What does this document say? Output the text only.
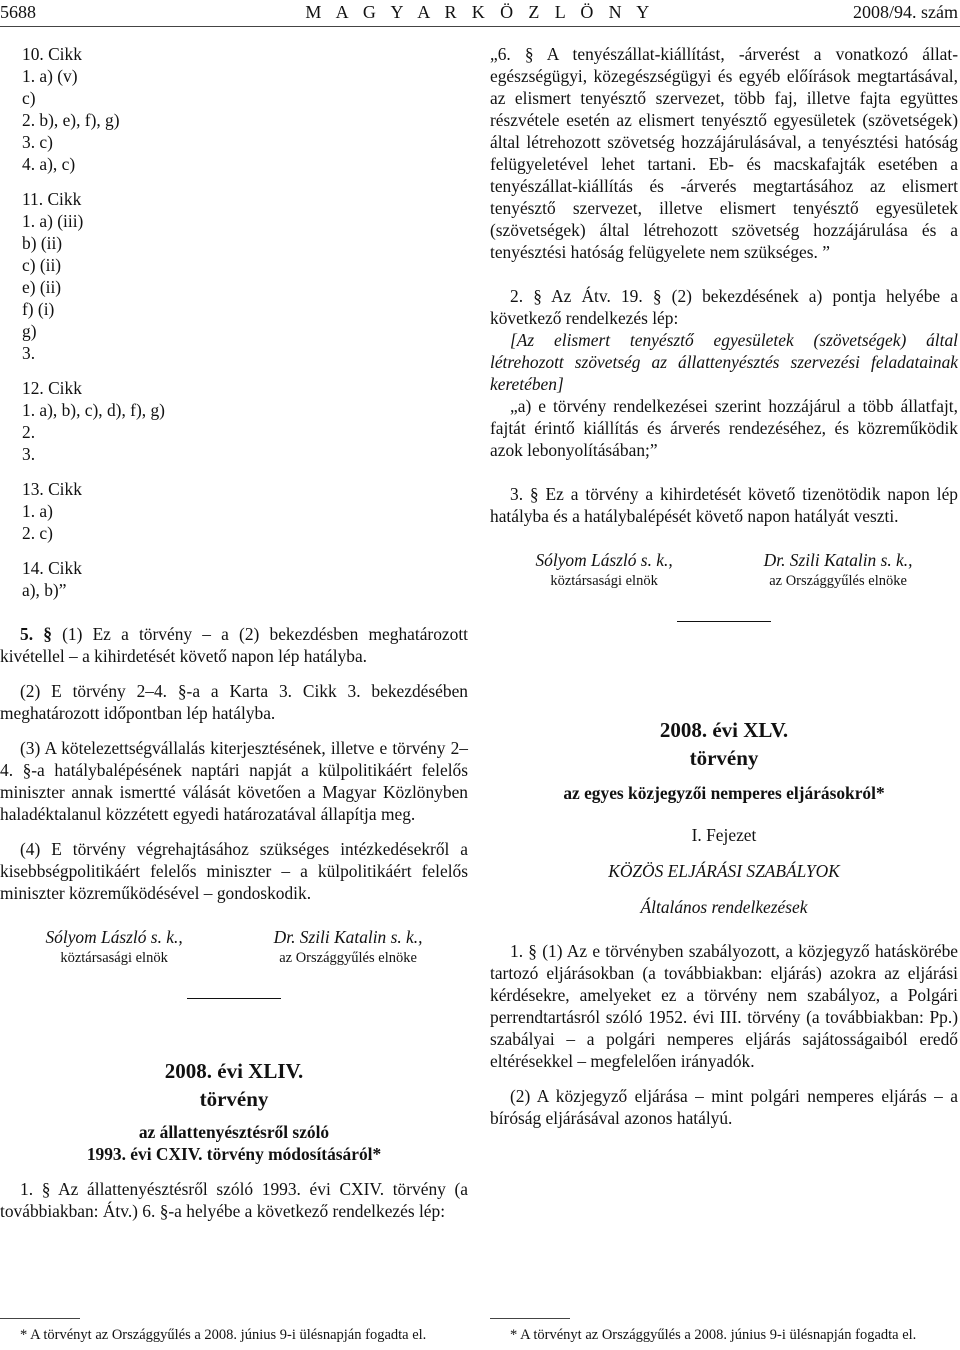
5688	M A G Y A R K Ö Z L Ö N Y	2008/94. szám
10. Cikk
1. a) (v)
c)
2. b), e), f), g)
3. c)
4. a), c)
11. Cikk
1. a) (iii)
b) (ii)
c) (ii)
e) (ii)
f) (i)
g)
3.
12. Cikk
1. a), b), c), d), f), g)
2.
3.
13. Cikk
1. a)
2. c)
14. Cikk
a), b)”

5. § (1) Ez a törvény – a (2) bekezdésben meghatározott kivétellel – a kihirdetését követő napon lép hatályba.

(2) E törvény 2–4. §-a a Karta 3. Cikk 3. bekezdésében meghatározott időpontban lép hatályba.

(3) A kötelezettségvállalás kiterjesztésének, illetve e törvény 2–4. §-a hatálybalépésének naptári napját a külpolitikáért felelős miniszter annak ismertté válását követően a Magyar Közlönyben haladéktalanul közzétett egyedi határozatával állapítja meg.

(4) E törvény végrehajtásához szükséges intézkedésekről a kisebbségpolitikáért felelős miniszter – a külpolitikáért felelős miniszter közreműködésével – gondoskodik.

Sólyom László s. k.,
köztársasági elnök
Dr. Szili Katalin s. k.,
az Országgyűlés elnöke
2008. évi XLIV.
törvény
az állattenyésztésről szóló
1993. évi CXIV. törvény módosításáról*

1. § Az állattenyésztésről szóló 1993. évi CXIV. törvény (a továbbiakban: Átv.) 6. §-a helyébe a következő rendelkezés lép:

* A törvényt az Országgyűlés a 2008. június 9-i ülésnapján fogadta el.

„6. § A tenyészállat-kiállítást, -árverést a vonatkozó állat-egészségügyi, közegészségügyi és egyéb előírások megtartásával, az elismert tenyésztő szervezet, több faj, illetve fajta együttes részvétele esetén az elismert tenyésztő egyesületek (szövetségek) által létrehozott szövetség hozzájárulásával, a tenyésztési hatóság felügyeletével lehet tartani. Eb- és macskafajták esetében a tenyészállat-kiállítás és -árverés megtartásához az elismert tenyésztő szervezet, illetve elismert tenyésztő egyesületek (szövetségek) által létrehozott szövetség hozzájárulása és a tenyésztési hatóság felügyelete nem szükséges. ”

2. § Az Átv. 19. § (2) bekezdésének a) pontja helyébe a következő rendelkezés lép:

[Az elismert tenyésztő egyesületek (szövetségek) által létrehozott szövetség az állattenyésztés szervezési feladatainak keretében]

„a) e törvény rendelkezései szerint hozzájárul a több állatfajt, fajtát érintő kiállítás és árverés rendezéséhez, és közreműködik azok lebonyolításában;”

3. § Ez a törvény a kihirdetését követő tizenötödik napon lép hatályba és a hatálybalépését követő napon hatályát veszti.

Sólyom László s. k.,
köztársasági elnök
Dr. Szili Katalin s. k.,
az Országgyűlés elnöke
2008. évi XLV.
törvény
az egyes közjegyzői nemperes eljárásokról*
I. Fejezet
KÖZÖS ELJÁRÁSI SZABÁLYOK
Általános rendelkezések

1. § (1) Az e törvényben szabályozott, a közjegyző hatáskörébe tartozó eljárásokban (a továbbiakban: eljárás) azokra az eljárási kérdésekre, amelyeket ez a törvény nem szabályoz, a Polgári perrendtartásról szóló 1952. évi III. törvény (a továbbiakban: Pp.) szabályai – a polgári nemperes eljárás sajátosságaiból eredő eltérésekkel – megfelelően irányadók.

(2) A közjegyző eljárása – mint polgári nemperes eljárás – a bíróság eljárásával azonos hatályú.

* A törvényt az Országgyűlés a 2008. június 9-i ülésnapján fogadta el.
